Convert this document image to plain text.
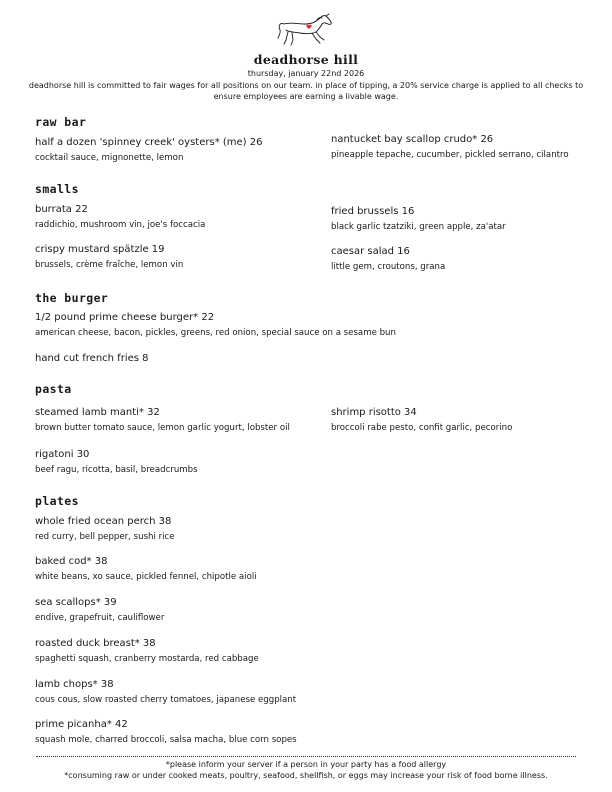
deadhorse hill
thursday, january 22nd 2026
deadhorse hill is committed to fair wages for all positions on our team. in place of tipping, a 20% service charge is applied to all checks to ensure employees are earning a livable wage.
raw bar
half a dozen 'spinney creek' oysters* (me) 26
cocktail sauce, mignonette, lemon
nantucket bay scallop crudo* 26
pineapple tepache, cucumber, pickled serrano, cilantro
smalls
burrata 22
raddichio, mushroom vin, joe's foccacia
fried brussels 16
black garlic tzatziki, green apple, za'atar
crispy mustard spätzle 19
brussels, crème fraîche, lemon vin
caesar salad 16
little gem, croutons, grana
the burger
1/2 pound prime cheese burger* 22
american cheese, bacon, pickles, greens, red onion, special sauce on a sesame bun
hand cut french fries 8
pasta
steamed lamb manti* 32
brown butter tomato sauce, lemon garlic yogurt, lobster oil
shrimp risotto 34
broccoli rabe pesto, confit garlic, pecorino
rigatoni 30
beef ragu, ricotta, basil, breadcrumbs
plates
whole fried ocean perch 38
red curry, bell pepper, sushi rice
baked cod* 38
white beans, xo sauce, pickled fennel, chipotle aioli
sea scallops* 39
endive, grapefruit, cauliflower
roasted duck breast* 38
spaghetti squash, cranberry mostarda, red cabbage
lamb chops* 38
cous cous, slow roasted cherry tomatoes, japanese eggplant
prime picanha* 42
squash mole, charred broccoli, salsa macha, blue corn sopes
*please inform your server if a person in your party has a food allergy
*consuming raw or under cooked meats, poultry, seafood, shellfish, or eggs may increase your risk of food borne illness.
